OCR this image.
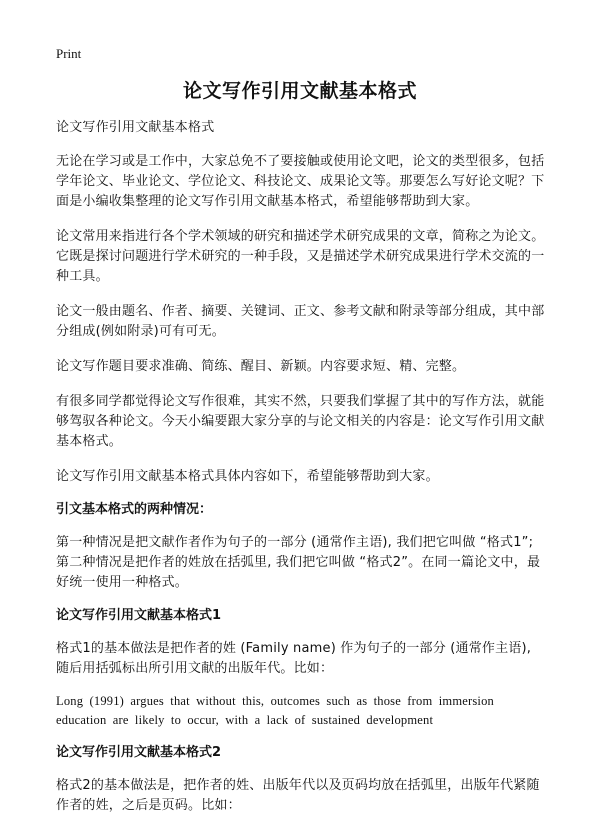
Print
论文写作引用文献基本格式

论文写作引用文献基本格式

无论在学习或是工作中，大家总免不了要接触或使用论文吧，论文的类型很多，包括学年论文、毕业论文、学位论文、科技论文、成果论文等。那要怎么写好论文呢？下面是小编收集整理的论文写作引用文献基本格式，希望能够帮助到大家。

论文常用来指进行各个学术领域的研究和描述学术研究成果的文章，简称之为论文。它既是探讨问题进行学术研究的一种手段，又是描述学术研究成果进行学术交流的一种工具。

论文一般由题名、作者、摘要、关键词、正文、参考文献和附录等部分组成，其中部分组成(例如附录)可有可无。

论文写作题目要求准确、简练、醒目、新颖。内容要求短、精、完整。

有很多同学都觉得论文写作很难，其实不然，只要我们掌握了其中的写作方法，就能够驾驭各种论文。今天小编要跟大家分享的与论文相关的内容是：论文写作引用文献基本格式。

论文写作引用文献基本格式具体内容如下，希望能够帮助到大家。

引文基本格式的两种情况：

第一种情况是把文献作者作为句子的一部分 (通常作主语), 我们把它叫做 “格式1”; 第二种情况是把作者的姓放在括弧里, 我们把它叫做 “格式2”。在同一篇论文中，最好统一使用一种格式。

论文写作引用文献基本格式1

格式1的基本做法是把作者的姓 (Family name) 作为句子的一部分 (通常作主语), 随后用括弧标出所引用文献的出版年代。比如：

Long (1991) argues that without this, outcomes such as those from immersion education are likely to occur, with a lack of sustained development

论文写作引用文献基本格式2

格式2的基本做法是，把作者的姓、出版年代以及页码均放在括弧里，出版年代紧随作者的姓，之后是页码。比如：
